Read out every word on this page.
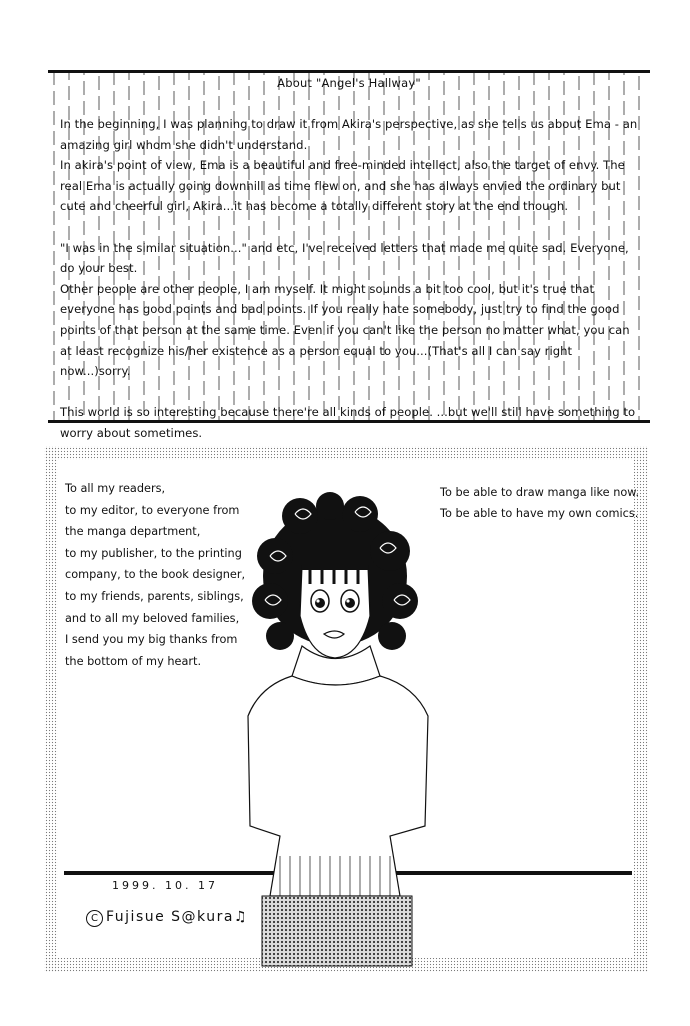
About "Angel's Hallway"

In the beginning, I was planning to draw it from Akira's perspective, as she tells us about Ema - an amazing girl whom she didn't understand.

In akira's point of view, Ema is a beautiful and free-minded intellect, also the target of envy. The real Ema is actually going downhill as time flew on, and she has always envied the ordinary but cute and cheerful girl, Akira...it has become a totally different story at the end though.

"I was in the similar situation..." and etc, I've received letters that made me quite sad. Everyone, do your best.

Other people are other people, I am myself. It might sounds a bit too cool, but it's true that everyone has good points and bad points. If you really hate somebody, just try to find the good points of that person at the same time. Even if you can't like the person no matter what, you can at least recognize his/her existence as a person equal to you...(That's all I can say right now...)sorry.

This world is so interesting because there're all kinds of people. ...but we'll still have something to worry about sometimes.

To all my readers,
to my editor, to everyone from
the manga department,
to my publisher, to the printing
company, to the book designer,
to my friends, parents, siblings,
and to all my beloved families,
I send you my big thanks from
the bottom of my heart.
To be able to draw manga like now.
To be able to have my own comics.
1999. 10. 17
C Fujisue S@kura♫
